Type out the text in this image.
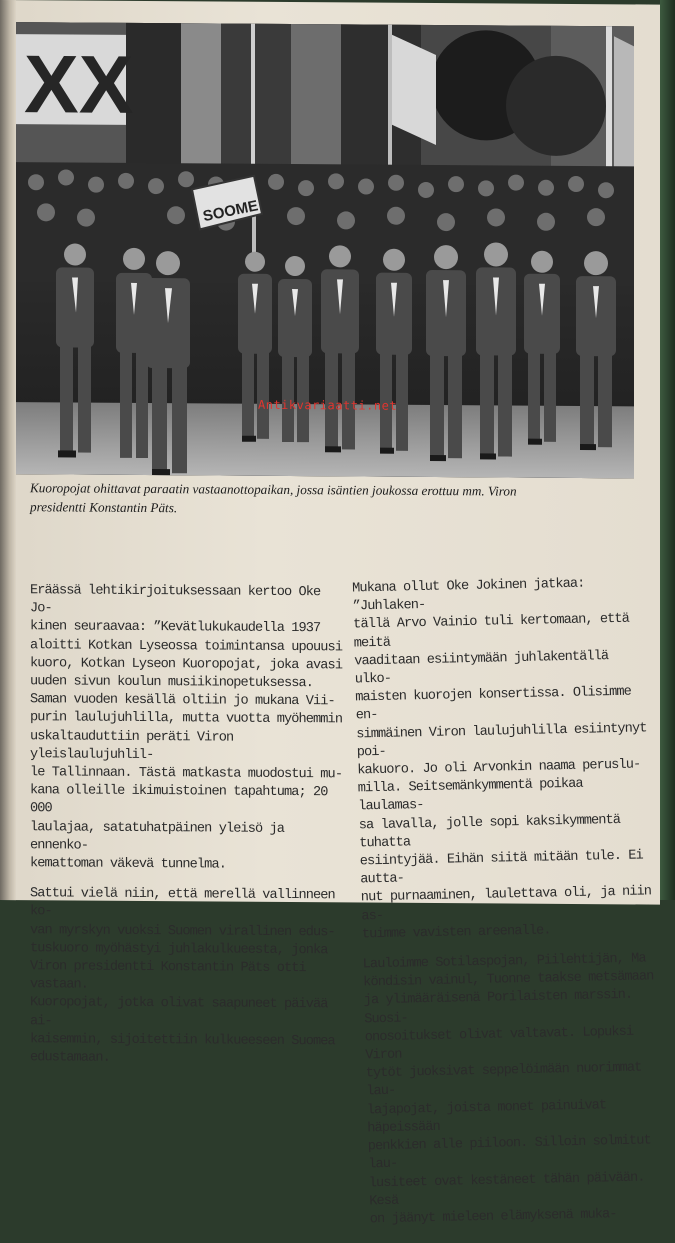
XX
SOOME
Antikvariaatti.net
Kuoropojat ohittavat paraatin vastaanottopaikan, jossa isäntien joukossa erottuu mm. Viron
presidentti Konstantin Päts.

Eräässä lehtikirjoituksessaan kertoo Oke Jo-
kinen seuraavaa: ”Kevätlukukaudella 1937
aloitti Kotkan Lyseossa toimintansa upouusi
kuoro, Kotkan Lyseon Kuoropojat, joka avasi
uuden sivun koulun musiikinopetuksessa.
Saman vuoden kesällä oltiin jo mukana Vii-
purin laulujuhlilla, mutta vuotta myöhemmin
uskaltauduttiin peräti Viron yleislaulujuhlil-
le Tallinnaan. Tästä matkasta muodostui mu-
kana olleille ikimuistoinen tapahtuma; 20 000
laulajaa, satatuhatpäinen yleisö ja ennenko-
kemattoman väkevä tunnelma.

Sattui vielä niin, että merellä vallinneen ko-
van myrskyn vuoksi Suomen virallinen edus-
tuskuoro myöhästyi juhlakulkueesta, jonka
Viron presidentti Konstantin Päts otti vastaan.
Kuoropojat, jotka olivat saapuneet päivää ai-
kaisemmin, sijoitettiin kulkueeseen Suomea
edustamaan.

Mukana ollut Oke Jokinen jatkaa: ”Juhlaken-
tällä Arvo Vainio tuli kertomaan, että meitä
vaaditaan esiintymään juhlakentällä ulko-
maisten kuorojen konsertissa. Olisimme en-
simmäinen Viron laulujuhlilla esiintynyt poi-
kakuoro. Jo oli Arvonkin naama peruslu-
milla. Seitsemänkymmentä poikaa laulamas-
sa lavalla, jolle sopi kaksikymmentä tuhatta
esiintyjää. Eihän siitä mitään tule. Ei autta-
nut purnaaminen, laulettava oli, ja niin as-
tuimme vavisten areenalle.

Lauloimme Sotilaspojan, Piilehtijän, Ma
köndisin vainul, Tuonne taakse metsämaan
ja ylimääräisenä Porilaisten marssin. Suosi-
onosoitukset olivat valtavat. Lopuksi Viron
tytöt juoksivat seppelöimään nuorimmat lau-
lajapojat, joista monet painuivat häpeissään
penkkien alle piiloon. Silloin solmitut lau-
lusiteet ovat kestäneet tähän päivään. Kesä
on jäänyt mieleen elämyksenä muka-
